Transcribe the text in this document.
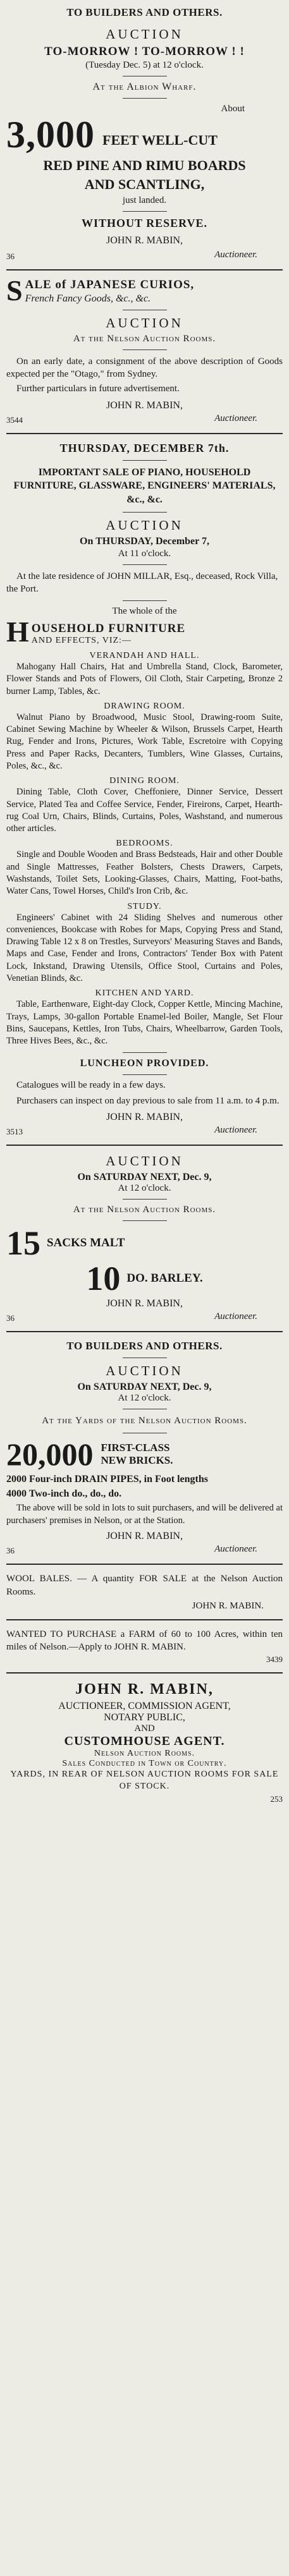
TO BUILDERS AND OTHERS.
AUCTION
TO-MORROW ! TO-MORROW ! !
(Tuesday Dec. 5) at 12 o'clock.
At the Albion Wharf.
About
3,000 FEET WELL-CUT
RED PINE AND RIMU BOARDS
AND SCANTLING,
just landed.
WITHOUT RESERVE.
JOHN R. MABIN,
36	Auctioneer.
S ALE of JAPANESE CURIOS,
French Fancy Goods, &c., &c.
AUCTION
At the Nelson Auction Rooms.
On an early date, a consignment of the above description of Goods expected per the "Otago," from Sydney.
Further particulars in future advertisement.
JOHN R. MABIN,
3544	Auctioneer.
THURSDAY, DECEMBER 7th.
IMPORTANT SALE OF PIANO, HOUSEHOLD FURNITURE, GLASSWARE, ENGINEERS' MATERIALS, &c., &c.
AUCTION
On THURSDAY, December 7,
At 11 o'clock.
At the late residence of JOHN MILLAR, Esq., deceased, Rock Villa, the Port.
The whole of the
H OUSEHOLD FURNITURE
AND EFFECTS, VIZ:—
VERANDAH AND HALL.
Mahogany Hall Chairs, Hat and Umbrella Stand, Clock, Barometer, Flower Stands and Pots of Flowers, Oil Cloth, Stair Carpeting, Bronze 2 burner Lamp, Tables, &c.
DRAWING ROOM.
Walnut Piano by Broadwood, Music Stool, Drawing-room Suite, Cabinet Sewing Machine by Wheeler & Wilson, Brussels Carpet, Hearth Rug, Fender and Irons, Pictures, Work Table, Escretoire with Copying Press and Paper Racks, Decanters, Tumblers, Wine Glasses, Curtains, Poles, &c., &c.
DINING ROOM.
Dining Table, Cloth Cover, Cheffoniere, Dinner Service, Dessert Service, Plated Tea and Coffee Service, Fender, Fireirons, Carpet, Hearth-rug Coal Urn, Chairs, Blinds, Curtains, Poles, Washstand, and numerous other articles.
BEDROOMS.
Single and Double Wooden and Brass Bedsteads, Hair and other Double and Single Mattresses, Feather Bolsters, Chests Drawers, Carpets, Washstands, Toilet Sets, Looking-Glasses, Chairs, Matting, Foot-baths, Water Cans, Towel Horses, Child's Iron Crib, &c.
STUDY.
Engineers' Cabinet with 24 Sliding Shelves and numerous other conveniences, Bookcase with Robes for Maps, Copying Press and Stand, Drawing Table 12 x 8 on Trestles, Surveyors' Measuring Staves and Bands, Maps and Case, Fender and Irons, Contractors' Tender Box with Patent Lock, Inkstand, Drawing Utensils, Office Stool, Curtains and Poles, Venetian Blinds, &c.
KITCHEN AND YARD.
Table, Earthenware, Eight-day Clock, Copper Kettle, Mincing Machine, Trays, Lamps, 30-gallon Portable Enamel-led Boiler, Mangle, Set Flour Bins, Saucepans, Kettles, Iron Tubs, Chairs, Wheelbarrow, Garden Tools, Three Hives Bees, &c., &c.
LUNCHEON PROVIDED.
Catalogues will be ready in a few days.
Purchasers can inspect on day previous to sale from 11 a.m. to 4 p.m.
JOHN R. MABIN,
3513	Auctioneer.
AUCTION
On SATURDAY NEXT, Dec. 9,
At 12 o'clock.
At the Nelson Auction Rooms.
15 SACKS MALT
10 DO. BARLEY.
JOHN R. MABIN,
36	Auctioneer.
TO BUILDERS AND OTHERS.
AUCTION
On SATURDAY NEXT, Dec. 9,
At 12 o'clock.
At the Yards of the Nelson Auction Rooms.
20,000 FIRST-CLASS
NEW BRICKS.
2000 Four-inch DRAIN PIPES, in Foot lengths
4000 Two-inch do., do., do.
The above will be sold in lots to suit purchasers, and will be delivered at purchasers' premises in Nelson, or at the Station.
JOHN R. MABIN,
36	Auctioneer.
WOOL BALES. — A quantity FOR SALE at the Nelson Auction Rooms.
JOHN R. MABIN.
WANTED TO PURCHASE a FARM of 60 to 100 Acres, within ten miles of Nelson.—Apply to JOHN R. MABIN.
3439
JOHN R. MABIN,
AUCTIONEER, COMMISSION AGENT,
NOTARY PUBLIC,
AND
CUSTOMHOUSE AGENT.
Nelson Auction Rooms.
Sales Conducted in Town or Country.
YARDS, IN REAR OF NELSON AUCTION ROOMS FOR SALE OF STOCK.
253
